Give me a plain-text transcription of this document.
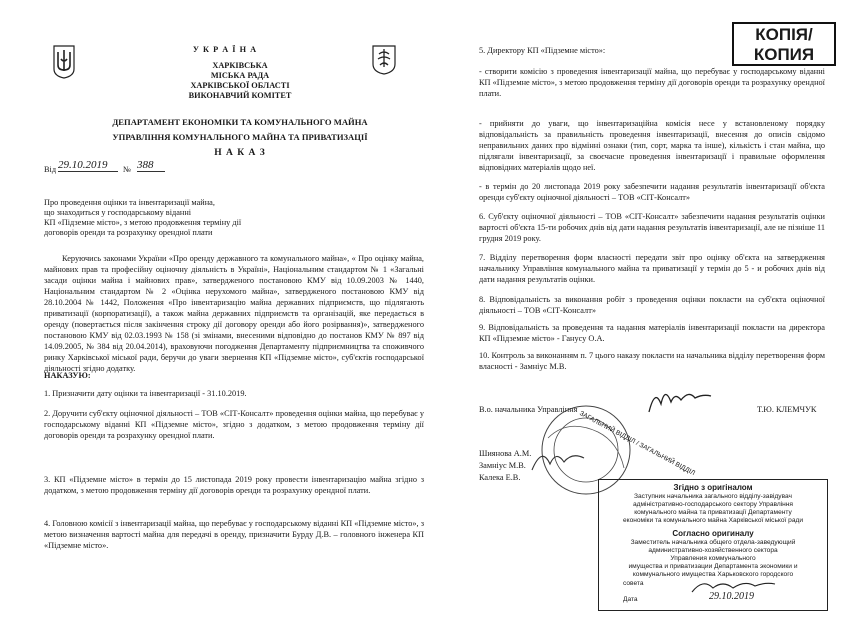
У К Р А Ї Н А
ХАРКІВСЬКА
МІСЬКА РАДА
ХАРКІВСЬКОЇ ОБЛАСТІ
ВИКОНАВЧИЙ КОМІТЕТ
ДЕПАРТАМЕНТ ЕКОНОМІКИ ТА КОМУНАЛЬНОГО МАЙНА
УПРАВЛІННЯ КОМУНАЛЬНОГО МАЙНА ТА ПРИВАТИЗАЦІЇ
Н А К А З
Від 29.10.2019	№ 388
Про проведення оцінки та інвентаризації майна,
що знаходиться у господарському віданні
КП «Підземне місто», з метою продовження терміну дії
договорів оренди та розрахунку орендної плати
Керуючись законами України «Про оренду державного та комунального майна», « Про оцінку майна, майнових прав та професійну оціночну діяльність в Україні», Національним стандартом № 1 «Загальні засади оцінки майна і майнових прав», затвердженого постановою КМУ від 10.09.2003 № 1440, Національним стандартом № 2 «Оцінка нерухомого майна», затвердженого постановою КМУ від 28.10.2004 № 1442, Положення «Про інвентаризацію майна державних підприємств, що підлягають приватизації (корпоратизації), а також майна державних підприємств та організацій, яке передається в оренду (повертається після закінчення строку дії договору оренди або його розірвання)», затвердженого постановою КМУ від 02.03.1993 № 158 (зі змінами, внесеними відповідно до постанов КМУ № 897 від 14.09.2005, № 384 від 20.04.2014), враховуючи погодження Департаменту підприємництва та споживчого ринку Харківської міської ради, беручи до уваги звернення КП «Підземне місто», суб'єктів господарської діяльності згідно додатку.
НАКАЗУЮ:
1. Призначити дату оцінки та інвентаризації - 31.10.2019.
2. Доручити суб'єкту оціночної діяльності – ТОВ «СІТ-Консалт» проведення оцінки майна, що перебуває у господарському віданні КП «Підземне місто», згідно з додатком, з метою продовження терміну дії договорів оренди та розрахунку орендної плати.
3. КП «Підземне місто» в термін до 15 листопада 2019 року провести інвентаризацію майна згідно з додатком, з метою продовження терміну дії договорів оренди та розрахунку орендної плати.
4. Головною комісії з інвентаризації майна, що перебуває у господарському віданні КП «Підземне місто», з метою визначення вартості майна для передачі в оренду, призначити Бурду Д.В. – головного інженера КП «Підземне місто».
КОПІЯ/
КОПИЯ
5. Директору КП «Підземне місто»:
- створити комісію з проведення інвентаризації майна, що перебуває у господарському віданні КП «Підземне місто», з метою продовження терміну дії договорів оренди та розрахунку орендної плати.
- прийняти до уваги, що інвентаризаційна комісія несе у встановленому порядку відповідальність за правильність проведення інвентаризації, внесення до описів свідомо неправильних даних про відмінні ознаки (тип, сорт, марка та інше), кількість і стан майна, що підлягали інвентаризації, за своєчасне проведення інвентаризації і правильне оформлення відповідних матеріалів щодо неї.
- в термін до 20 листопада 2019 року забезпечити надання результатів інвентаризації об'єкта оренди суб'єкту оціночної діяльності – ТОВ «СІТ-Консалт»
6. Суб'єкту оціночної діяльності – ТОВ «СІТ-Консалт» забезпечити надання результатів оцінки вартості об'єкта 15-ти робочих днів від дати надання результатів інвентаризації, але не пізніше 11 грудня 2019 року.
7. Відділу перетворення форм власності передати звіт про оцінку об'єкта на затвердження начальнику Управління комунального майна та приватизації у термін до 5 - и робочих днів від дати надання результатів оцінки.
8. Відповідальність за виконання робіт з проведення оцінки покласти на суб'єкта оціночної діяльності – ТОВ «СІТ-Консалт»
9. Відповідальність за проведення та надання матеріалів інвентаризації покласти на директора КП «Підземне місто» - Ганусу О.А.
10. Контроль за виконанням п. 7 цього наказу покласти на начальника відділу перетворення форм власності - Замніус М.В.
В.о. начальника Управління	Т.Ю. КЛЕМЧУК
ЗАГАЛЬНИЙ ВІДДІЛ / ЗАГАЛЬНИЙ ВІДДІЛ
Шиянова А.М.
Замніус М.В.
Калека Е.В.
Згідно з оригіналом
Заступник начальника загального відділу-завідувач
адміністративно-господарського сектору Управління
комунального майна та приватизації Департаменту
економіки та комунального майна Харківської міської ради
Согласно оригиналу
Заместитель начальника общего отдела-заведующий
административно-хозяйственного сектора
Управления коммунального
имущества и приватизации Департамента экономики и
коммунального имущества Харьковского городского
совета
Дата	29.10.2019
